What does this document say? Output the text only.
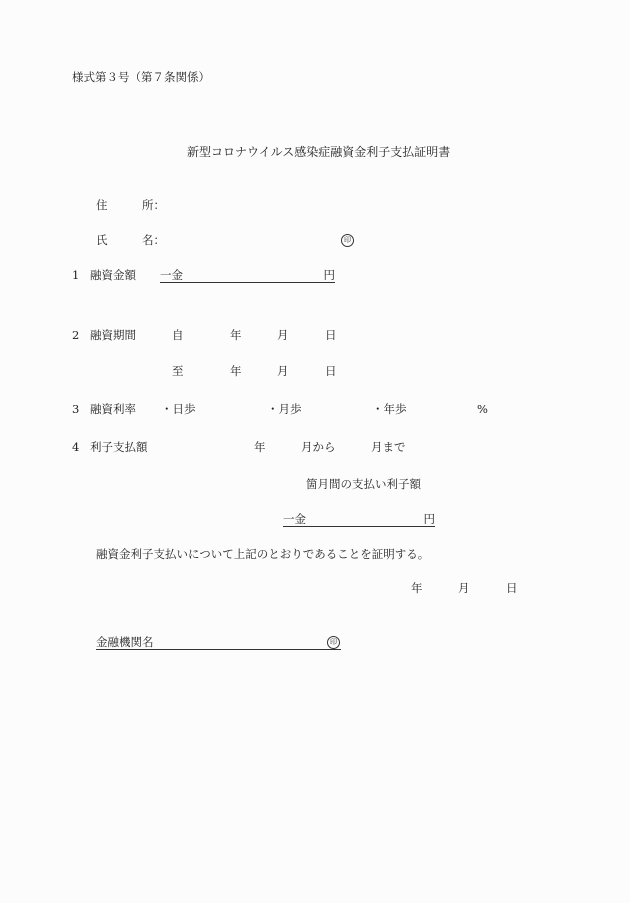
様式第３号（第７条関係）
新型コロナウイルス感染症融資金利子支払証明書
住	所：
氏	名：	印
1 融資金額 一金	円
2 融資期間	自	年	月	日
至	年	月	日
3 融資利率 ・日歩	・月歩	・年歩	%
4 利子支払額	年	月から	月まで
箇月間の支払い利子額
一金	円
融資金利子支払いについて上記のとおりであることを証明する。
年	月	日
金融機関名	印
